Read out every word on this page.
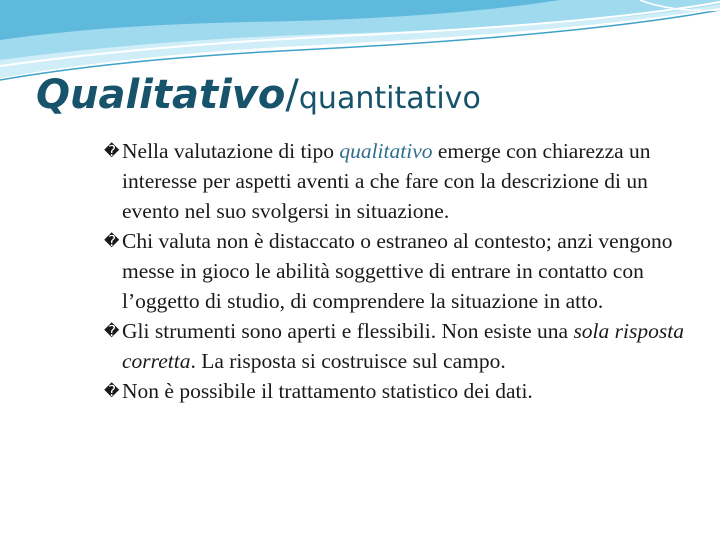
Qualitativo/quantitativo

� Nella valutazione di tipo qualitativo emerge con chiarezza un interesse per aspetti aventi a che fare con la descrizione di un evento nel suo svolgersi in situazione.

� Chi valuta non è distaccato o estraneo al contesto; anzi vengono messe in gioco le abilità soggettive di entrare in contatto con l’oggetto di studio, di comprendere la situazione in atto.

� Gli strumenti sono aperti e flessibili. Non esiste una sola risposta corretta. La risposta si costruisce sul campo.

� Non è possibile il trattamento statistico dei dati.
